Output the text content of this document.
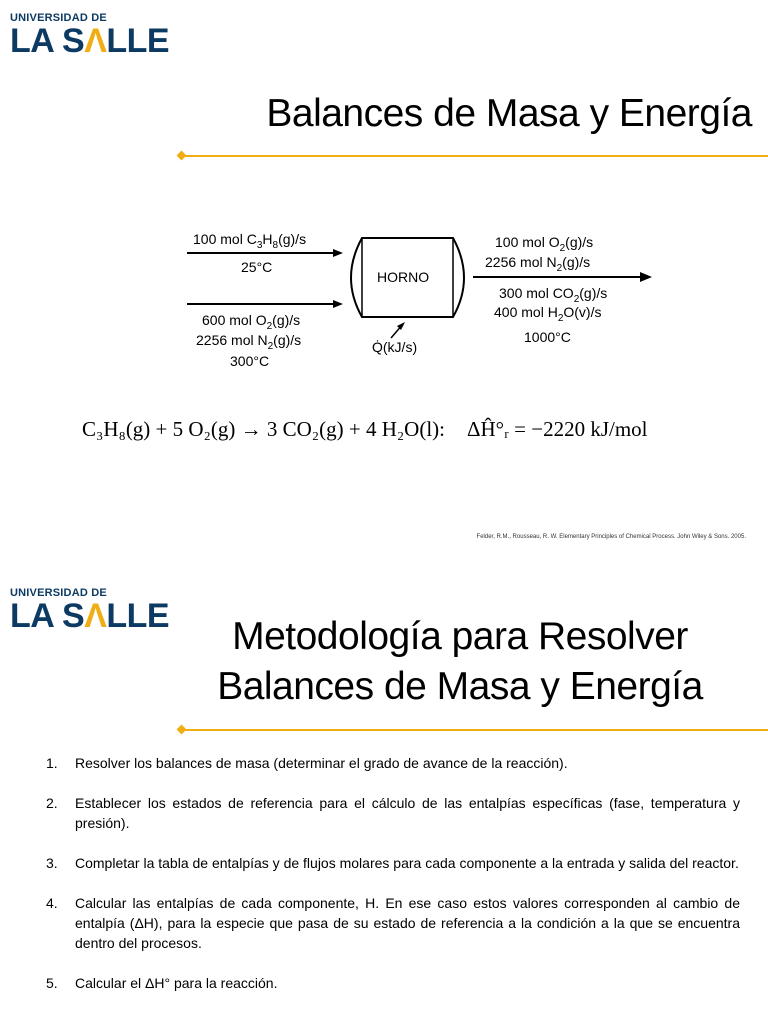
UNIVERSIDAD DE
LA SΛLLE
Balances de Masa y Energía
HORNO
100 mol $C_3H_8(g)/s$
25°C
600 mol $O_2(g)/s$
2256 mol $N_2(g)/s$
300°C
100 mol $O_2(g)/s$
2256 mol $N_2(g)/s$
300 mol $CO_2(g)/s$
400 mol $H_2O(v)/s$
1000°C
Q̇(kJ/s)
C₃H₈(g) + 5 O₂(g) → 3 CO₂(g) + 4 H₂O(l): ΔĤ°ᵣ = −2220 kJ/mol
Felder, R.M., Rousseau, R. W. Elementary Principles of Chemical Process. John Wiley & Sons. 2005.
UNIVERSIDAD DE
LA SΛLLE	Metodología para Resolver
Balances de Masa y Energía
1. Resolver los balances de masa (determinar el grado de avance de la reacción).
2. Establecer los estados de referencia para el cálculo de las entalpías específicas (fase, temperatura y presión).
3. Completar la tabla de entalpías y de flujos molares para cada componente a la entrada y salida del reactor.
4. Calcular las entalpías de cada componente, H. En ese caso estos valores corresponden al cambio de entalpía (ΔH), para la especie que pasa de su estado de referencia a la condición a la que se encuentra dentro del procesos.
5. Calcular el ΔH° para la reacción.
